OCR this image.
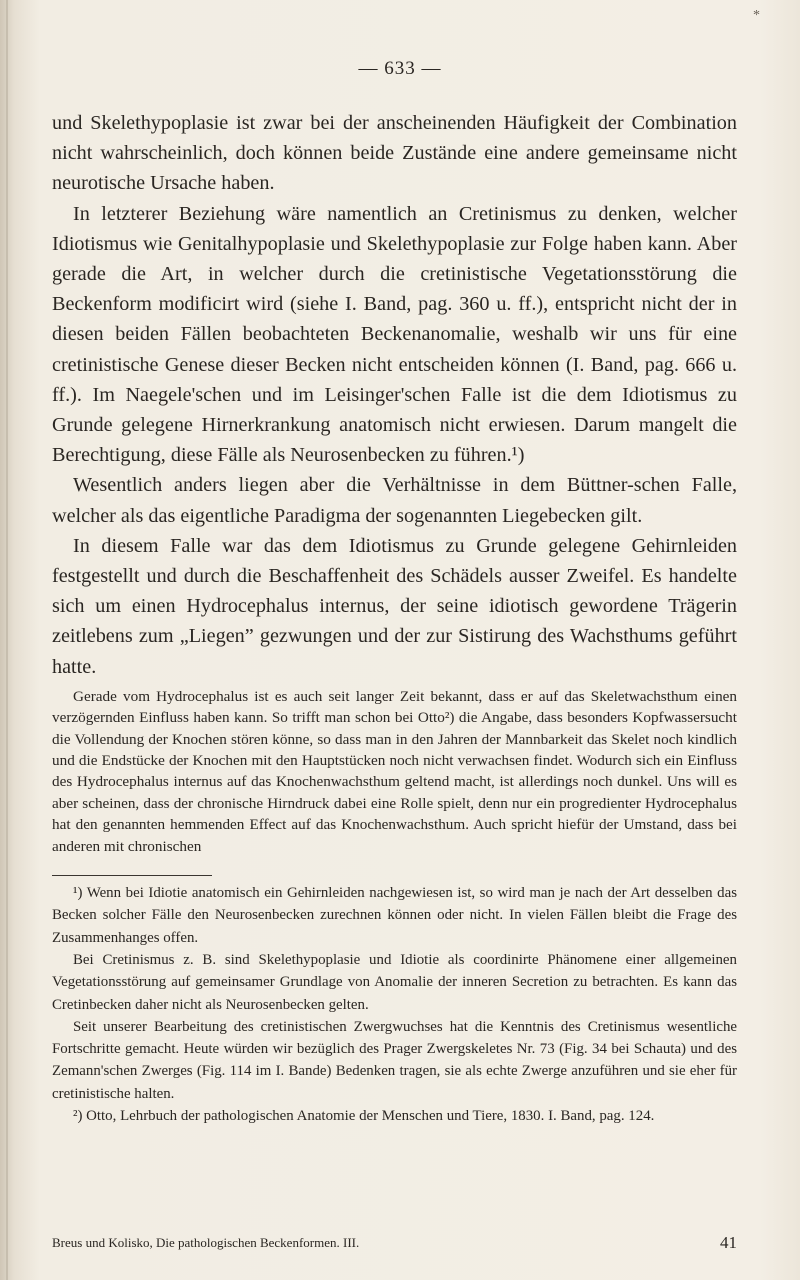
*
— 633 —

und Skelethypoplasie ist zwar bei der anscheinenden Häufigkeit der Combination nicht wahrscheinlich, doch können beide Zustände eine andere gemeinsame nicht neurotische Ursache haben.

In letzterer Beziehung wäre namentlich an Cretinismus zu denken, welcher Idiotismus wie Genitalhypoplasie und Skelethypoplasie zur Folge haben kann. Aber gerade die Art, in welcher durch die cretinistische Vegetationsstörung die Beckenform modificirt wird (siehe I. Band, pag. 360 u. ff.), entspricht nicht der in diesen beiden Fällen beobachteten Beckenanomalie, weshalb wir uns für eine cretinistische Genese dieser Becken nicht entscheiden können (I. Band, pag. 666 u. ff.). Im Naegele'schen und im Leisinger'schen Falle ist die dem Idiotismus zu Grunde gelegene Hirnerkrankung anatomisch nicht erwiesen. Darum mangelt die Berechtigung, diese Fälle als Neurosenbecken zu führen.¹)

Wesentlich anders liegen aber die Verhältnisse in dem Büttner-schen Falle, welcher als das eigentliche Paradigma der sogenannten Liegebecken gilt.

In diesem Falle war das dem Idiotismus zu Grunde gelegene Gehirnleiden festgestellt und durch die Beschaffenheit des Schädels ausser Zweifel. Es handelte sich um einen Hydrocephalus internus, der seine idiotisch gewordene Trägerin zeitlebens zum „Liegen” gezwungen und der zur Sistirung des Wachsthums geführt hatte.

Gerade vom Hydrocephalus ist es auch seit langer Zeit bekannt, dass er auf das Skeletwachsthum einen verzögernden Einfluss haben kann. So trifft man schon bei Otto²) die Angabe, dass besonders Kopfwassersucht die Vollendung der Knochen stören könne, so dass man in den Jahren der Mannbarkeit das Skelet noch kindlich und die Endstücke der Knochen mit den Hauptstücken noch nicht verwachsen findet. Wodurch sich ein Einfluss des Hydrocephalus internus auf das Knochenwachsthum geltend macht, ist allerdings noch dunkel. Uns will es aber scheinen, dass der chronische Hirndruck dabei eine Rolle spielt, denn nur ein progredienter Hydrocephalus hat den genannten hemmenden Effect auf das Knochenwachsthum. Auch spricht hiefür der Umstand, dass bei anderen mit chronischen

¹) Wenn bei Idiotie anatomisch ein Gehirnleiden nachgewiesen ist, so wird man je nach der Art desselben das Becken solcher Fälle den Neurosenbecken zurechnen können oder nicht. In vielen Fällen bleibt die Frage des Zusammenhanges offen.

Bei Cretinismus z. B. sind Skelethypoplasie und Idiotie als coordinirte Phänomene einer allgemeinen Vegetationsstörung auf gemeinsamer Grundlage von Anomalie der inneren Secretion zu betrachten. Es kann das Cretinbecken daher nicht als Neurosenbecken gelten.

Seit unserer Bearbeitung des cretinistischen Zwergwuchses hat die Kenntnis des Cretinismus wesentliche Fortschritte gemacht. Heute würden wir bezüglich des Prager Zwergskeletes Nr. 73 (Fig. 34 bei Schauta) und des Zemann'schen Zwerges (Fig. 114 im I. Bande) Bedenken tragen, sie als echte Zwerge anzuführen und sie eher für cretinistische halten.

²) Otto, Lehrbuch der pathologischen Anatomie der Menschen und Tiere, 1830. I. Band, pag. 124.

Breus und Kolisko, Die pathologischen Beckenformen. III.	41
